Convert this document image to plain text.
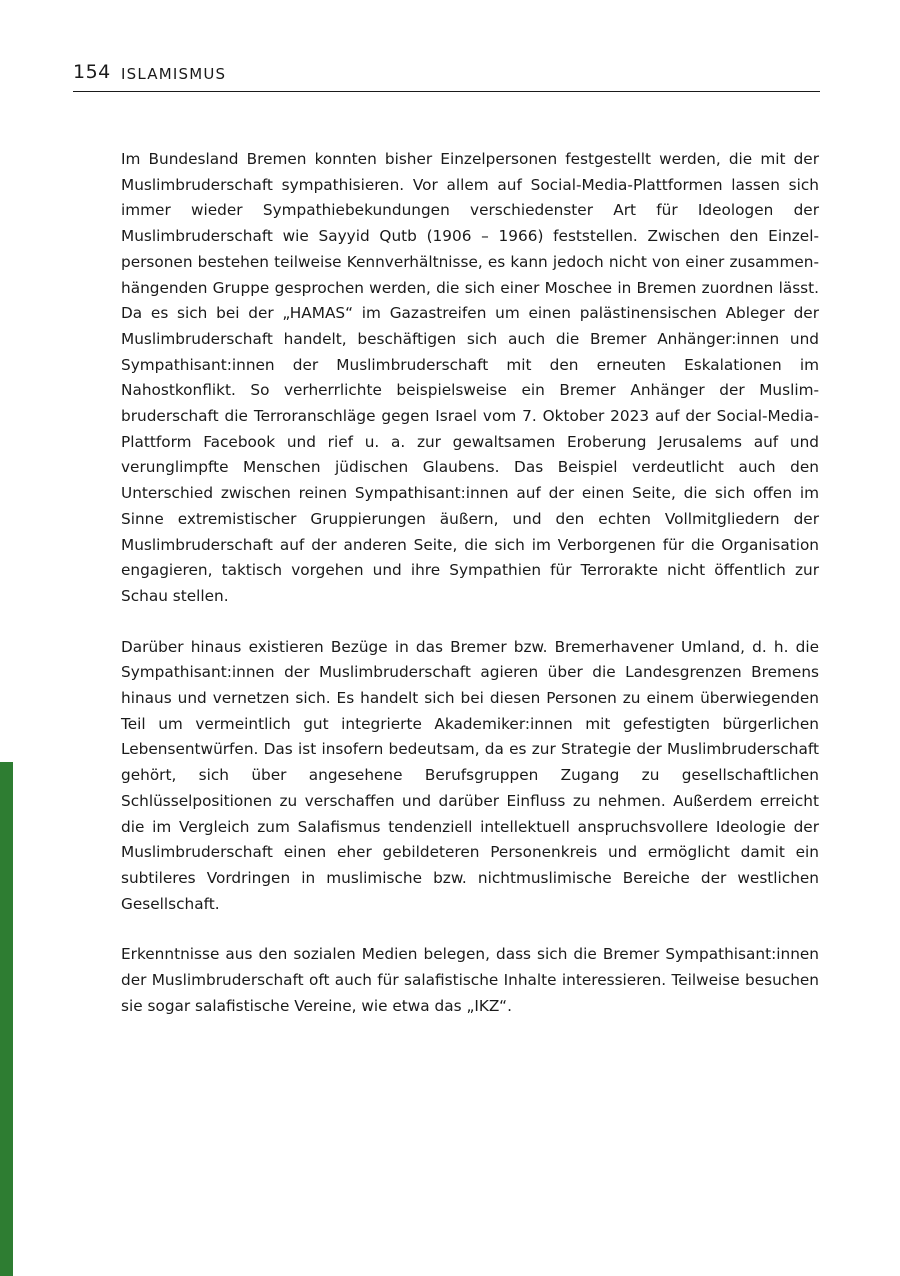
154 ISLAMISMUS

Im Bundesland Bremen konnten bisher Einzelpersonen festgestellt werden, die mit der Muslimbruderschaft sympathisieren. Vor allem auf Social-Media-Plattformen lassen sich immer wieder Sympathiebekundungen verschiedenster Art für Ideologen der Muslimbruderschaft wie Sayyid Qutb (1906 – 1966) feststellen. Zwischen den Einzelpersonen bestehen teilweise Kennverhältnisse, es kann jedoch nicht von einer zusammenhängenden Gruppe gesprochen werden, die sich einer Moschee in Bremen zuordnen lässt. Da es sich bei der „HAMAS“ im Gazastreifen um einen palästinensischen Ableger der Muslimbruderschaft handelt, beschäftigen sich auch die Bremer Anhänger:innen und Sympathisant:innen der Muslimbruderschaft mit den erneuten Eskalationen im Nahostkonflikt. So verherrlichte beispielsweise ein Bremer Anhänger der Muslimbruderschaft die Terroranschläge gegen Israel vom 7. Oktober 2023 auf der Social-Media-Plattform Facebook und rief u. a. zur gewaltsamen Eroberung Jerusalems auf und verunglimpfte Menschen jüdischen Glaubens. Das Beispiel verdeutlicht auch den Unterschied zwischen reinen Sympathisant:innen auf der einen Seite, die sich offen im Sinne extremistischer Gruppierungen äußern, und den echten Vollmitgliedern der Muslimbruderschaft auf der anderen Seite, die sich im Verborgenen für die Organisation engagieren, taktisch vorgehen und ihre Sympathien für Terrorakte nicht öffentlich zur Schau stellen.

Darüber hinaus existieren Bezüge in das Bremer bzw. Bremerhavener Umland, d. h. die Sympathisant:innen der Muslimbruderschaft agieren über die Landesgrenzen Bremens hinaus und vernetzen sich. Es handelt sich bei diesen Personen zu einem überwiegenden Teil um vermeintlich gut integrierte Akademiker:innen mit gefestigten bürgerlichen Lebensentwürfen. Das ist insofern bedeutsam, da es zur Strategie der Muslimbruderschaft gehört, sich über angesehene Berufsgruppen Zugang zu gesellschaftlichen Schlüsselpositionen zu verschaffen und darüber Einfluss zu nehmen. Außerdem erreicht die im Vergleich zum Salafismus tendenziell intellektuell anspruchsvollere Ideologie der Muslimbruderschaft einen eher gebildeteren Personenkreis und ermöglicht damit ein subtileres Vordringen in muslimische bzw. nichtmuslimische Bereiche der westlichen Gesellschaft.

Erkenntnisse aus den sozialen Medien belegen, dass sich die Bremer Sympathisant:innen der Muslimbruderschaft oft auch für salafistische Inhalte interessieren. Teilweise besuchen sie sogar salafistische Vereine, wie etwa das „IKZ“.
